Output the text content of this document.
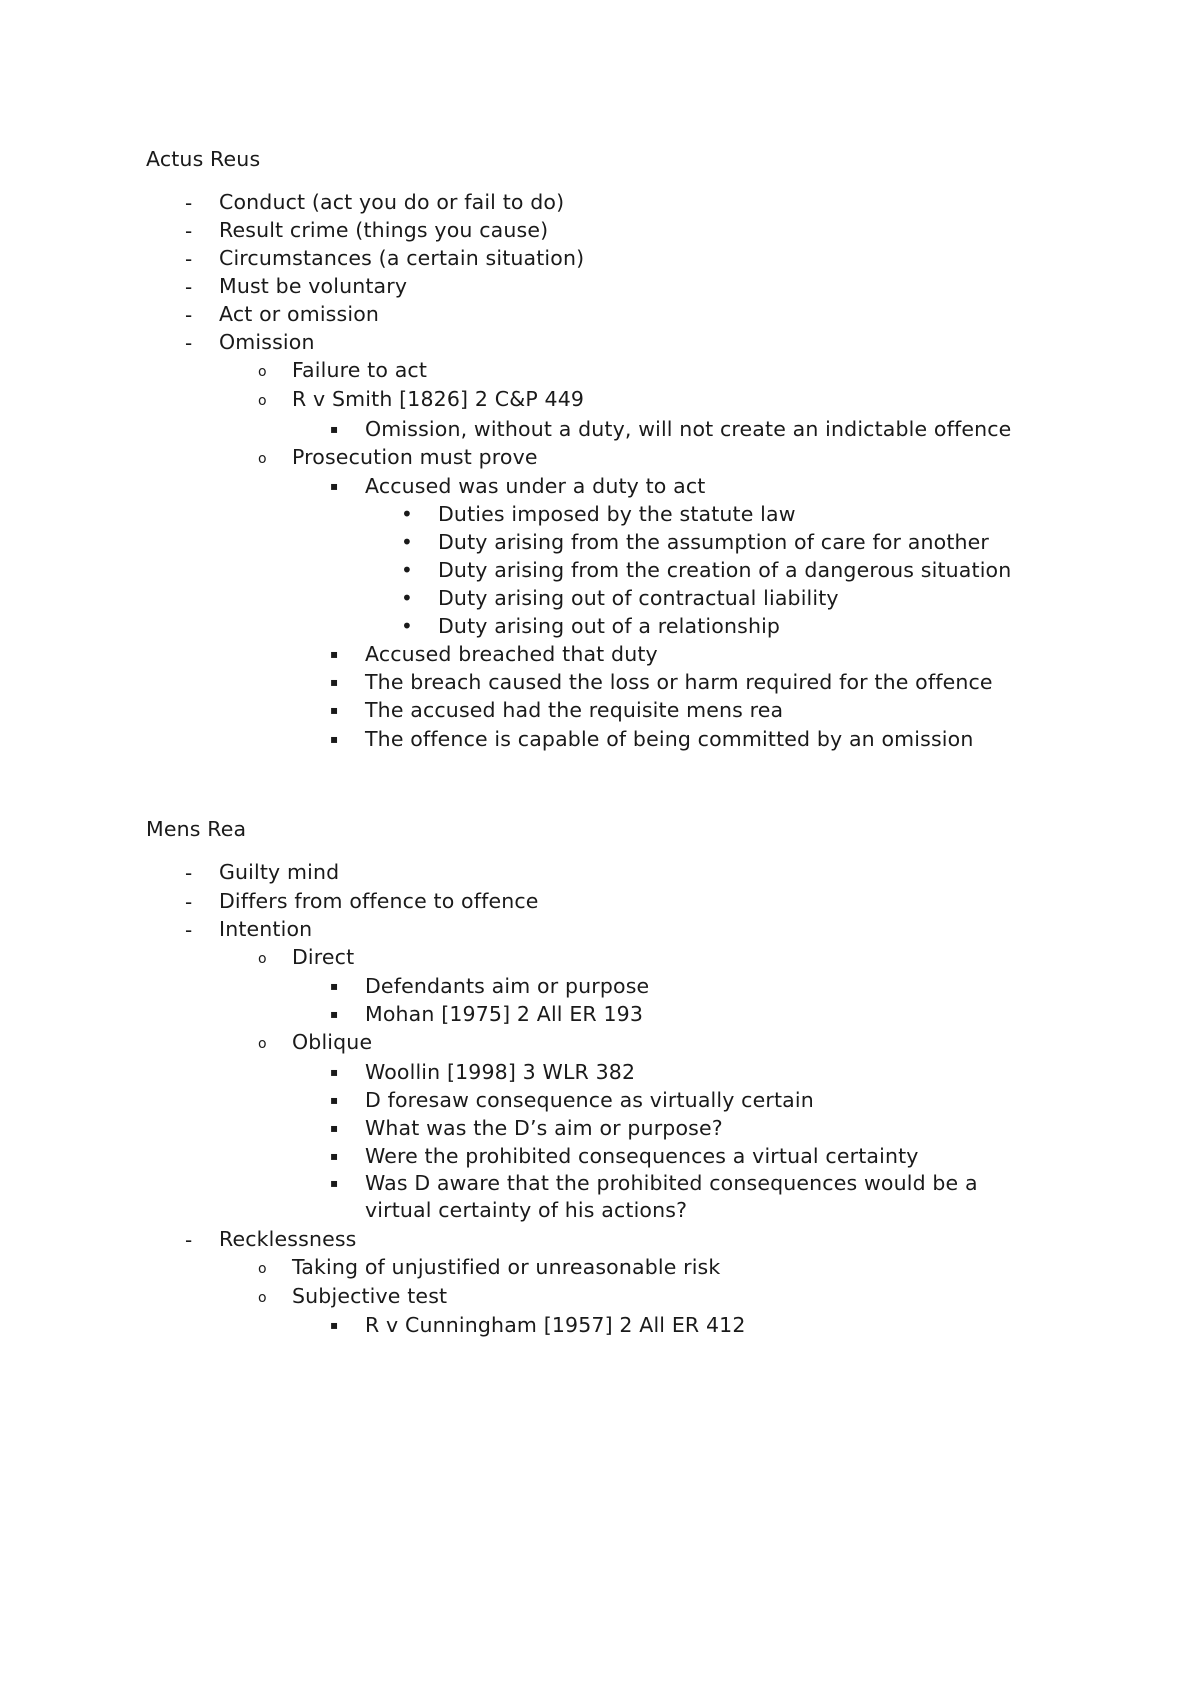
Actus Reus
- Conduct (act you do or fail to do)
- Result crime (things you cause)
- Circumstances (a certain situation)
- Must be voluntary
- Act or omission
- Omission
o Failure to act
o R v Smith [1826] 2 C&P 449
▪ Omission, without a duty, will not create an indictable offence
o Prosecution must prove
▪ Accused was under a duty to act
• Duties imposed by the statute law
• Duty arising from the assumption of care for another
• Duty arising from the creation of a dangerous situation
• Duty arising out of contractual liability
• Duty arising out of a relationship
▪ Accused breached that duty
▪ The breach caused the loss or harm required for the offence
▪ The accused had the requisite mens rea
▪ The offence is capable of being committed by an omission
Mens Rea
- Guilty mind
- Differs from offence to offence
- Intention
o Direct
▪ Defendants aim or purpose
▪ Mohan [1975] 2 All ER 193
o Oblique
▪ Woollin [1998] 3 WLR 382
▪ D foresaw consequence as virtually certain
▪ What was the D’s aim or purpose?
▪ Were the prohibited consequences a virtual certainty
▪ Was D aware that the prohibited consequences would be a
virtual certainty of his actions?
- Recklessness
o Taking of unjustified or unreasonable risk
o Subjective test
▪ R v Cunningham [1957] 2 All ER 412
